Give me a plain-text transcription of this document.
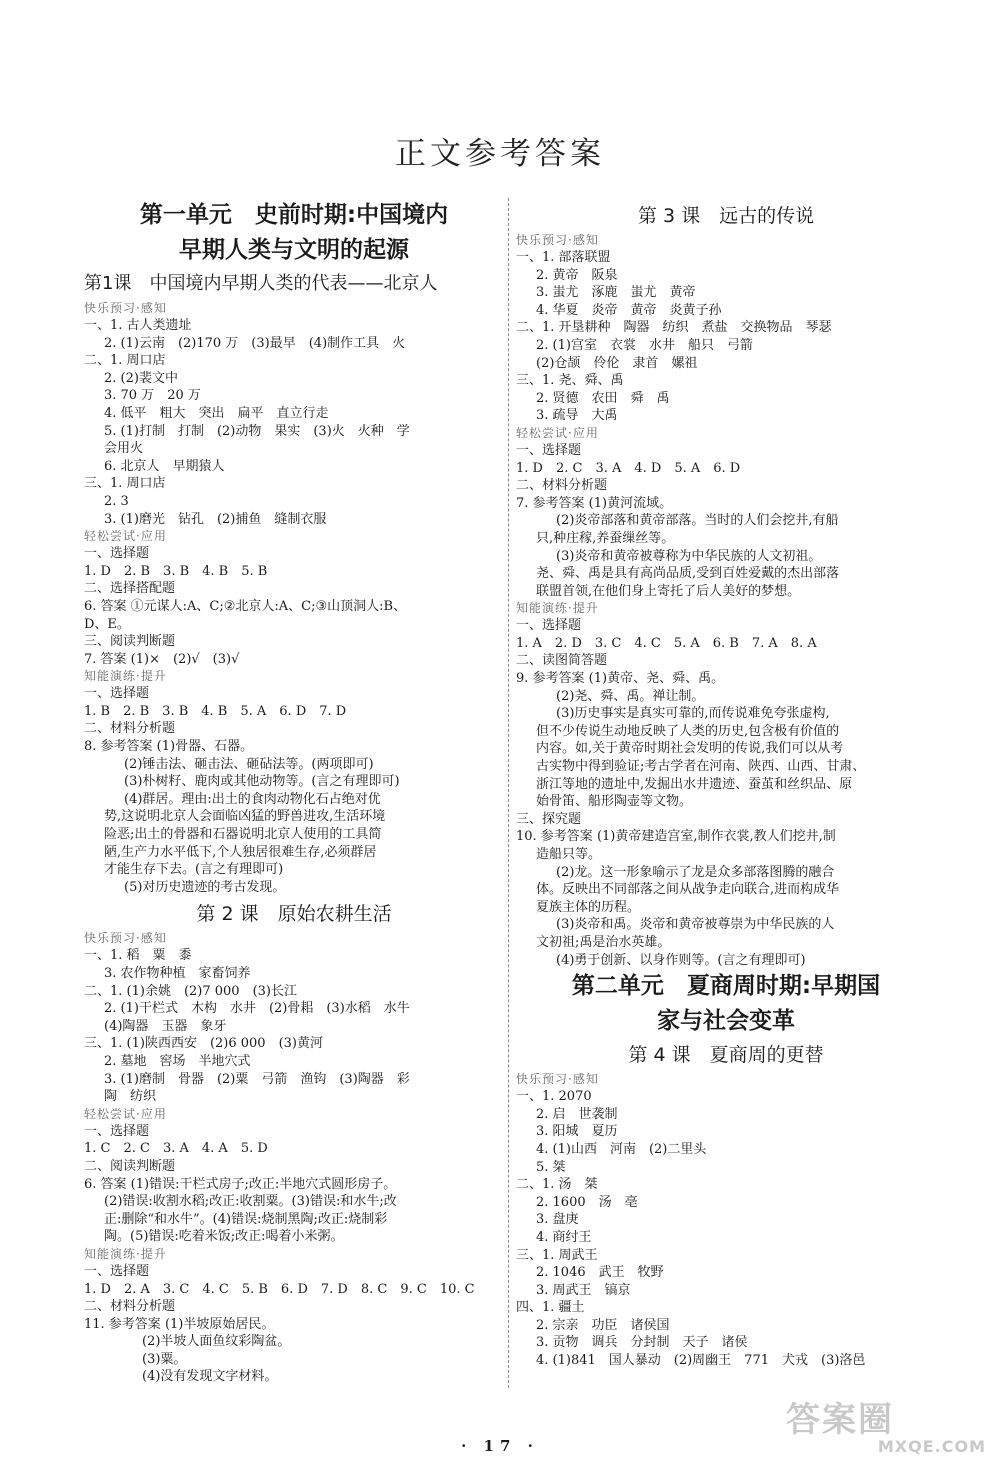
正文参考答案
第一单元　史前时期:中国境内
早期人类与文明的起源
第1课　中国境内早期人类的代表——北京人
快乐预习·感知
一、1. 古人类遗址
2. (1)云南　(2)170 万　(3)最早　(4)制作工具　火
二、1. 周口店
2. (2)裴文中
3. 70 万　20 万
4. 低平　粗大　突出　扁平　直立行走
5. (1)打制　打制　(2)动物　果实　(3)火　火种　学
会用火
6. 北京人　早期猿人
三、1. 周口店
2. 3
3. (1)磨光　钻孔　(2)捕鱼　缝制衣服
轻松尝试·应用
一、选择题
1. D　2. B　3. B　4. B　5. B
二、选择搭配题
6. 答案 ①元谋人:A、C;②北京人:A、C;③山顶洞人:B、
D、E。
三、阅读判断题
7. 答案 (1)×　(2)√　(3)√
知能演练·提升
一、选择题
1. B　2. B　3. B　4. B　5. A　6. D　7. D
二、材料分析题
8. 参考答案 (1)骨器、石器。
(2)锤击法、砸击法、砸砧法等。(两项即可)
(3)朴树籽、鹿肉或其他动物等。(言之有理即可)
(4)群居。理由:出土的食肉动物化石占绝对优
势,这说明北京人会面临凶猛的野兽进攻,生活环境
险恶;出土的骨器和石器说明北京人使用的工具简
陋,生产力水平低下,个人独居很难生存,必须群居
才能生存下去。(言之有理即可)
(5)对历史遗迹的考古发现。
第 2 课　原始农耕生活
快乐预习·感知
一、1. 稻　粟　黍
3. 农作物种植　家畜饲养
二、1. (1)余姚　(2)7 000　(3)长江
2. (1)干栏式　木构　水井　(2)骨耜　(3)水稻　水牛
(4)陶器　玉器　象牙
三、1. (1)陕西西安　(2)6 000　(3)黄河
2. 墓地　窖场　半地穴式
3. (1)磨制　骨器　(2)粟　弓箭　渔钩　(3)陶器　彩
陶　纺织
轻松尝试·应用
一、选择题
1. C　2. C　3. A　4. A　5. D
二、阅读判断题
6. 答案 (1)错误:干栏式房子;改正:半地穴式圆形房子。
(2)错误:收割水稻;改正:收割粟。(3)错误:和水牛;改
正:删除“和水牛”。(4)错误:烧制黑陶;改正:烧制彩
陶。(5)错误:吃着米饭;改正:喝着小米粥。
知能演练·提升
一、选择题
1. D　2. A　3. C　4. C　5. B　6. D　7. D　8. C　9. C　10. C
二、材料分析题
11. 参考答案 (1)半坡原始居民。
(2)半坡人面鱼纹彩陶盆。
(3)粟。
(4)没有发现文字材料。
第 3 课　远古的传说
快乐预习·感知
一、1. 部落联盟
2. 黄帝　阪泉
3. 蚩尤　涿鹿　蚩尤　黄帝
4. 华夏　炎帝　黄帝　炎黄子孙
二、1. 开垦耕种　陶器　纺织　煮盐　交换物品　琴瑟
2. (1)宫室　衣裳　水井　船只　弓箭
(2)仓颉　伶伦　隶首　嫘祖
三、1. 尧、舜、禹
2. 贤德　农田　舜　禹
3. 疏导　大禹
轻松尝试·应用
一、选择题
1. D　2. C　3. A　4. D　5. A　6. D
二、材料分析题
7. 参考答案 (1)黄河流域。
(2)炎帝部落和黄帝部落。当时的人们会挖井,有船
只,种庄稼,养蚕缫丝等。
(3)炎帝和黄帝被尊称为中华民族的人文初祖。
尧、舜、禹是具有高尚品质,受到百姓爱戴的杰出部落
联盟首领,在他们身上寄托了后人美好的梦想。
知能演练·提升
一、选择题
1. A　2. D　3. C　4. C　5. A　6. B　7. A　8. A
二、读图简答题
9. 参考答案 (1)黄帝、尧、舜、禹。
(2)尧、舜、禹。禅让制。
(3)历史事实是真实可靠的,而传说难免夸张虚构,
但不少传说生动地反映了人类的历史,包含极有价值的
内容。如,关于黄帝时期社会发明的传说,我们可以从考
古实物中得到验证;考古学者在河南、陕西、山西、甘肃、
浙江等地的遗址中,发掘出水井遗迹、蚕茧和丝织品、原
始骨笛、船形陶壶等文物。
三、探究题
10. 参考答案 (1)黄帝建造宫室,制作衣裳,教人们挖井,制
造船只等。
(2)龙。这一形象喻示了龙是众多部落图腾的融合
体。反映出不同部落之间从战争走向联合,进而构成华
夏族主体的历程。
(3)炎帝和禹。炎帝和黄帝被尊崇为中华民族的人
文初祖;禹是治水英雄。
(4)勇于创新、以身作则等。(言之有理即可)
第二单元　夏商周时期:早期国
家与社会变革
第 4 课　夏商周的更替
快乐预习·感知
一、1. 2070
2. 启　世袭制
3. 阳城　夏历
4. (1)山西　河南　(2)二里头
5. 桀
二、1. 汤　桀
2. 1600　汤　亳
3. 盘庚
4. 商纣王
三、1. 周武王
2. 1046　武王　牧野
3. 周武王　镐京
四、1. 疆土
2. 宗亲　功臣　诸侯国
3. 贡物　调兵　分封制　天子　诸侯
4. (1)841　国人暴动　(2)周幽王　771　犬戎　(3)洛邑
· 17 ·
答案圈
MXQE.COM
